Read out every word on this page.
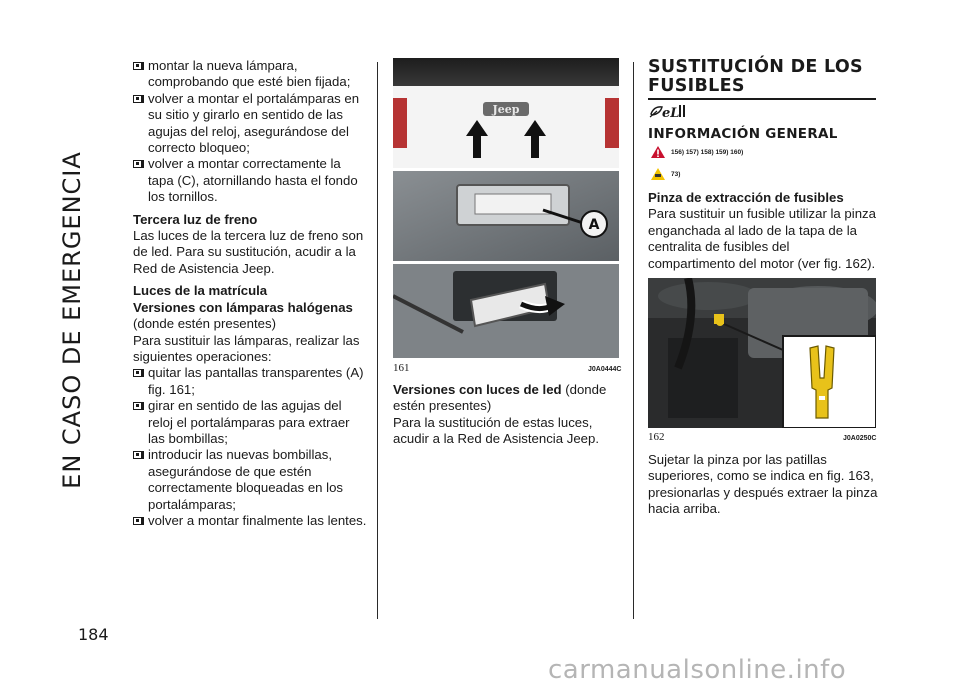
EN CASO DE EMERGENCIA
184

montar la nueva lámpara, comprobando que esté bien fijada;

volver a montar el portalámparas en su sitio y girarlo en sentido de las agujas del reloj, asegurándose del correcto bloqueo;

volver a montar correctamente la tapa (C), atornillando hasta el fondo los tornillos.

Tercera luz de freno

Las luces de la tercera luz de freno son de led. Para su sustitución, acudir a la Red de Asistencia Jeep.

Luces de la matrícula

Versiones con lámparas halógenas (donde estén presentes)

Para sustituir las lámparas, realizar las siguientes operaciones:

quitar las pantallas transparentes (A) fig. 161;

girar en sentido de las agujas del reloj el portalámparas para extraer las bombillas;

introducir las nuevas bombillas, asegurándose de que estén correctamente bloqueadas en los portalámparas;

volver a montar finalmente las lentes.

Jeep
A
161	J0A0444C

Versiones con luces de led (donde estén presentes)

Para la sustitución de estas luces, acudir a la Red de Asistencia Jeep.

SUSTITUCIÓN DE LOS FUSIBLES
eL
INFORMACIÓN GENERAL
156) 157) 158) 159) 160)
73)

Pinza de extracción de fusibles

Para sustituir un fusible utilizar la pinza enganchada al lado de la tapa de la centralita de fusibles del compartimento del motor (ver fig. 162).

162	J0A0250C

Sujetar la pinza por las patillas superiores, como se indica en fig. 163, presionarlas y después extraer la pinza hacia arriba.

carmanualsonline.info
